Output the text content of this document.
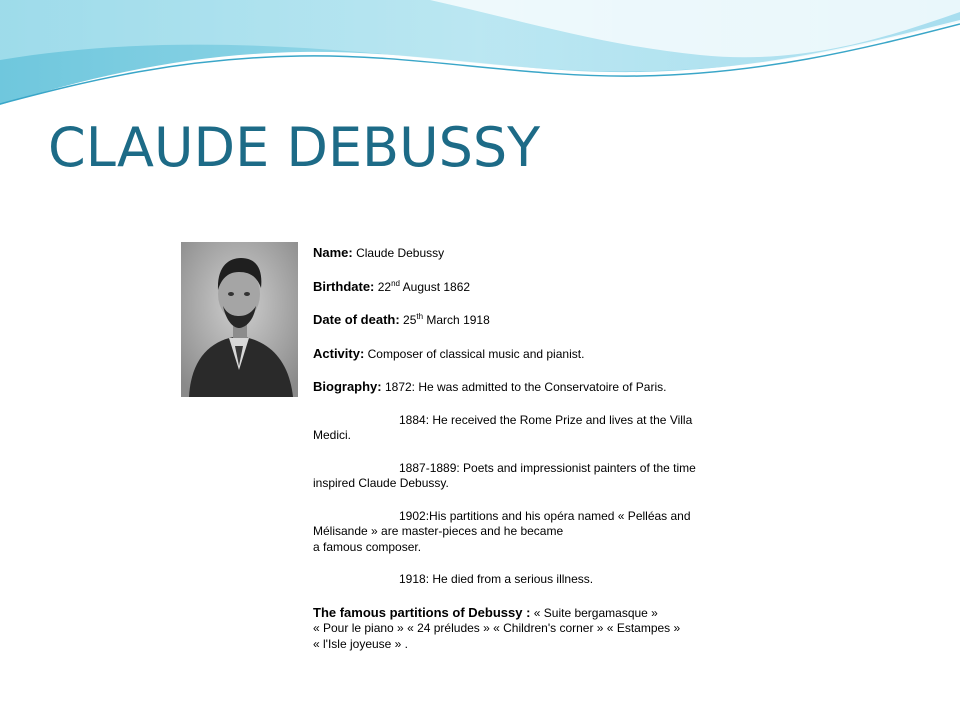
CLAUDE DEBUSSY

Name: Claude Debussy

Birthdate: 22nd August 1862

Date of death: 25th March 1918

Activity: Composer of classical music and pianist.

Biography: 1872: He was admitted to the Conservatoire of Paris.

1884: He received the Rome Prize and lives at the Villa
Medici.

1887-1889: Poets and impressionist painters of the time
inspired Claude Debussy.

1902:His partitions and his opéra named « Pelléas and
Mélisande » are master-pieces and he became
a famous composer.

1918: He died from a serious illness.

The famous partitions of Debussy : « Suite bergamasque »
« Pour le piano » « 24 préludes » « Children's corner » « Estampes »
« l'Isle joyeuse » .
